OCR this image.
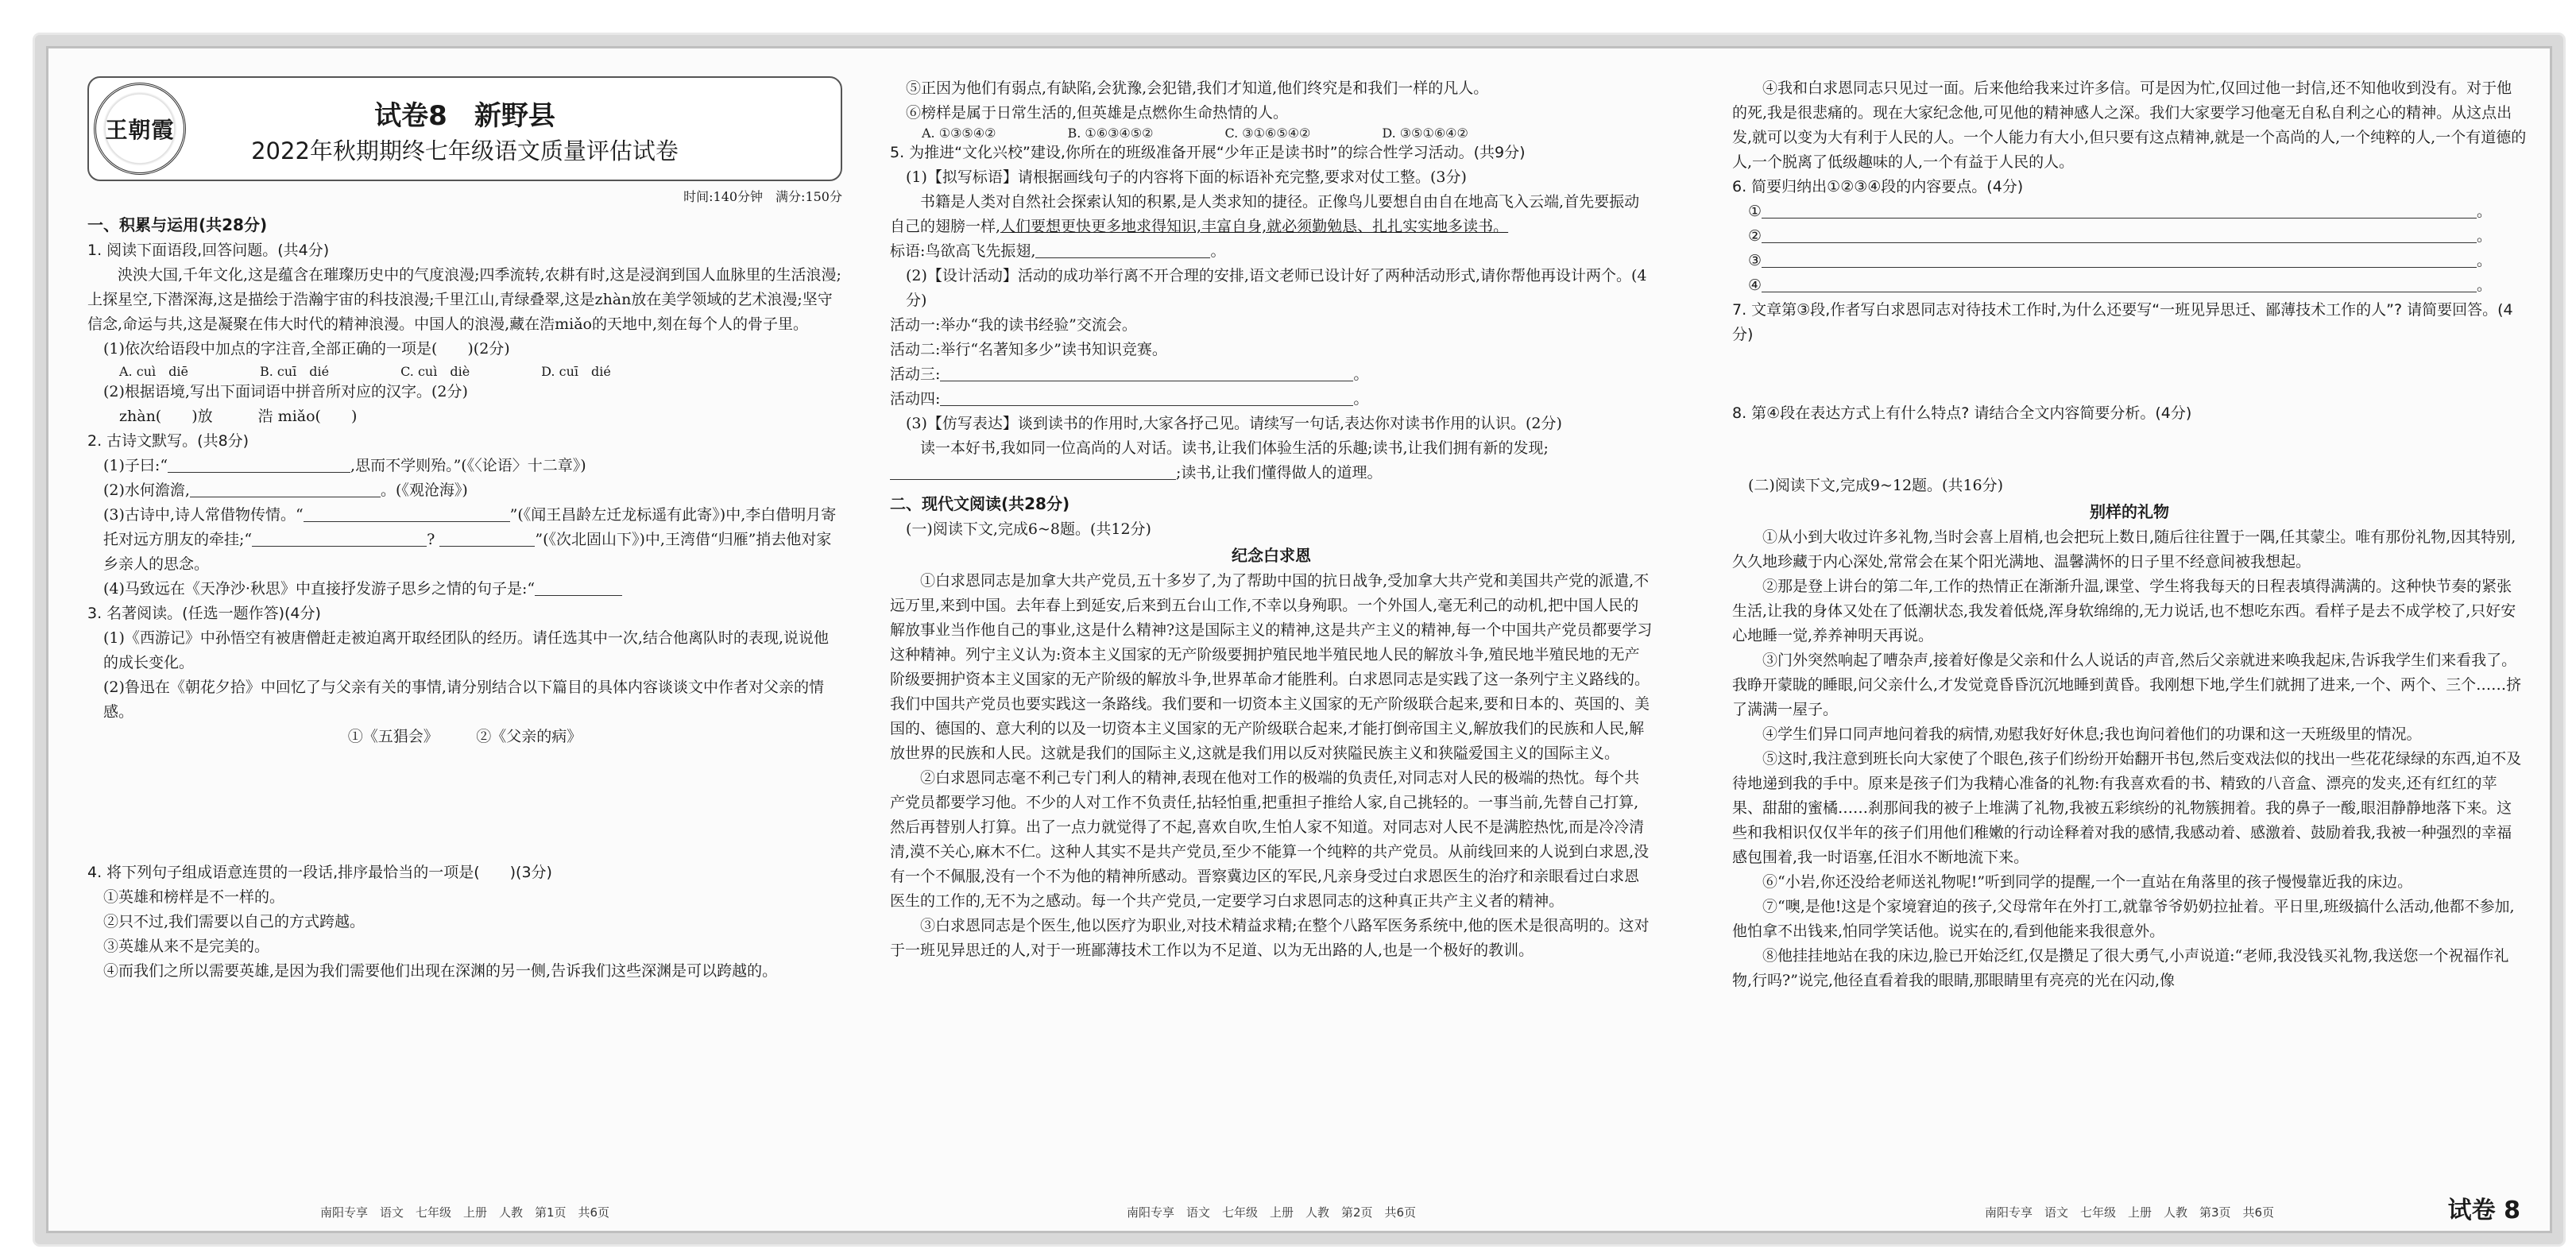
王朝霞	试卷8　新野县
2022年秋期期终七年级语文质量评估试卷
时间:140分钟　满分:150分
一、积累与运用(共28分)
1. 阅读下面语段,回答问题。(共4分)

泱泱大国,千年文化,这是蕴含在璀璨历史中的气度浪漫;四季流转,农耕有时,这是浸润到国人血脉里的生活浪漫;上探星空,下潜深海,这是描绘于浩瀚宇宙的科技浪漫;千里江山,青绿叠翠,这是zhàn放在美学领域的艺术浪漫;坚守信念,命运与共,这是凝聚在伟大时代的精神浪漫。中国人的浪漫,藏在浩miǎo的天地中,刻在每个人的骨子里。

(1)依次给语段中加点的字注音,全部正确的一项是(　　)(2分)

A. cuì　diē	B. cuī　dié	C. cuì　diè	D. cuī　dié

(2)根据语境,写出下面词语中拼音所对应的汉字。(2分)

zhàn(　　)放　　　浩 miǎo(　　)

2. 古诗文默写。(共8分)

(1)子曰:“	,思而不学则殆。”(《〈论语〉十二章》)

(2)水何澹澹,	。(《观沧海》)

(3)古诗中,诗人常借物传情。“	”(《闻王昌龄左迁龙标遥有此寄》)中,李白借明月寄托对远方朋友的牵挂;“	?	”(《次北固山下》)中,王湾借“归雁”捎去他对家乡亲人的思念。

(4)马致远在《天净沙·秋思》中直接抒发游子思乡之情的句子是:“

3. 名著阅读。(任选一题作答)(4分)

(1)《西游记》中孙悟空有被唐僧赶走被迫离开取经团队的经历。请任选其中一次,结合他离队时的表现,说说他的成长变化。

(2)鲁迅在《朝花夕拾》中回忆了与父亲有关的事情,请分别结合以下篇目的具体内容谈谈文中作者对父亲的情感。

①《五猖会》　　　②《父亲的病》

4. 将下列句子组成语意连贯的一段话,排序最恰当的一项是(　　)(3分)

①英雄和榜样是不一样的。

②只不过,我们需要以自己的方式跨越。

③英雄从来不是完美的。

④而我们之所以需要英雄,是因为我们需要他们出现在深渊的另一侧,告诉我们这些深渊是可以跨越的。

南阳专享　语文　七年级　上册　人教　第1页　共6页

⑤正因为他们有弱点,有缺陷,会犹豫,会犯错,我们才知道,他们终究是和我们一样的凡人。

⑥榜样是属于日常生活的,但英雄是点燃你生命热情的人。

A. ①③⑤④②	B. ①⑥③④⑤②	C. ③①⑥⑤④②	D. ③⑤①⑥④②
5. 为推进“文化兴校”建设,你所在的班级准备开展“少年正是读书时”的综合性学习活动。(共9分)

(1)【拟写标语】请根据画线句子的内容将下面的标语补充完整,要求对仗工整。(3分)

书籍是人类对自然社会探索认知的积累,是人类求知的捷径。正像鸟儿要想自由自在地高飞入云端,首先要振动自己的翅膀一样,人们要想更快更多地求得知识,丰富自身,就必须勤勉恳、扎扎实实地多读书。

标语:鸟欲高飞先振翅,	。

(2)【设计活动】活动的成功举行离不开合理的安排,语文老师已设计好了两种活动形式,请你帮他再设计两个。(4分)

活动一:举办“我的读书经验”交流会。

活动二:举行“名著知多少”读书知识竞赛。

活动三:	。

活动四:	。

(3)【仿写表达】谈到读书的作用时,大家各抒己见。请续写一句话,表达你对读书作用的认识。(2分)

读一本好书,我如同一位高尚的人对话。读书,让我们体验生活的乐趣;读书,让我们拥有新的发现;;读书,让我们懂得做人的道理。

二、现代文阅读(共28分)

(一)阅读下文,完成6~8题。(共12分)

纪念白求恩

①白求恩同志是加拿大共产党员,五十多岁了,为了帮助中国的抗日战争,受加拿大共产党和美国共产党的派遣,不远万里,来到中国。去年春上到延安,后来到五台山工作,不幸以身殉职。一个外国人,毫无利己的动机,把中国人民的解放事业当作他自己的事业,这是什么精神?这是国际主义的精神,这是共产主义的精神,每一个中国共产党员都要学习这种精神。列宁主义认为:资本主义国家的无产阶级要拥护殖民地半殖民地人民的解放斗争,殖民地半殖民地的无产阶级要拥护资本主义国家的无产阶级的解放斗争,世界革命才能胜利。白求恩同志是实践了这一条列宁主义路线的。我们中国共产党员也要实践这一条路线。我们要和一切资本主义国家的无产阶级联合起来,要和日本的、英国的、美国的、德国的、意大利的以及一切资本主义国家的无产阶级联合起来,才能打倒帝国主义,解放我们的民族和人民,解放世界的民族和人民。这就是我们的国际主义,这就是我们用以反对狭隘民族主义和狭隘爱国主义的国际主义。

②白求恩同志毫不利己专门利人的精神,表现在他对工作的极端的负责任,对同志对人民的极端的热忱。每个共产党员都要学习他。不少的人对工作不负责任,拈轻怕重,把重担子推给人家,自己挑轻的。一事当前,先替自己打算,然后再替别人打算。出了一点力就觉得了不起,喜欢自吹,生怕人家不知道。对同志对人民不是满腔热忱,而是冷冷清清,漠不关心,麻木不仁。这种人其实不是共产党员,至少不能算一个纯粹的共产党员。从前线回来的人说到白求恩,没有一个不佩服,没有一个不为他的精神所感动。晋察冀边区的军民,凡亲身受过白求恩医生的治疗和亲眼看过白求恩医生的工作的,无不为之感动。每一个共产党员,一定要学习白求恩同志的这种真正共产主义者的精神。

③白求恩同志是个医生,他以医疗为职业,对技术精益求精;在整个八路军医务系统中,他的医术是很高明的。这对于一班见异思迁的人,对于一班鄙薄技术工作以为不足道、以为无出路的人,也是一个极好的教训。

南阳专享　语文　七年级　上册　人教　第2页　共6页

④我和白求恩同志只见过一面。后来他给我来过许多信。可是因为忙,仅回过他一封信,还不知他收到没有。对于他的死,我是很悲痛的。现在大家纪念他,可见他的精神感人之深。我们大家要学习他毫无自私自利之心的精神。从这点出发,就可以变为大有利于人民的人。一个人能力有大小,但只要有这点精神,就是一个高尚的人,一个纯粹的人,一个有道德的人,一个脱离了低级趣味的人,一个有益于人民的人。

6. 简要归纳出①②③④段的内容要点。(4分)

①	。

②	。

③	。

④	。

7. 文章第③段,作者写白求恩同志对待技术工作时,为什么还要写“一班见异思迁、鄙薄技术工作的人”? 请简要回答。(4分)
8. 第④段在表达方式上有什么特点? 请结合全文内容简要分析。(4分)

(二)阅读下文,完成9~12题。(共16分)

别样的礼物

①从小到大收过许多礼物,当时会喜上眉梢,也会把玩上数日,随后往往置于一隅,任其蒙尘。唯有那份礼物,因其特别,久久地珍藏于内心深处,常常会在某个阳光满地、温馨满怀的日子里不经意间被我想起。

②那是登上讲台的第二年,工作的热情正在渐渐升温,课堂、学生将我每天的日程表填得满满的。这种快节奏的紧张生活,让我的身体又处在了低潮状态,我发着低烧,浑身软绵绵的,无力说话,也不想吃东西。看样子是去不成学校了,只好安心地睡一觉,养养神明天再说。

③门外突然响起了嘈杂声,接着好像是父亲和什么人说话的声音,然后父亲就进来唤我起床,告诉我学生们来看我了。我睁开蒙眬的睡眼,问父亲什么,才发觉竟昏昏沉沉地睡到黄昏。我刚想下地,学生们就拥了进来,一个、两个、三个……挤了满满一屋子。

④学生们异口同声地问着我的病情,劝慰我好好休息;我也询问着他们的功课和这一天班级里的情况。

⑤这时,我注意到班长向大家使了个眼色,孩子们纷纷开始翻开书包,然后变戏法似的找出一些花花绿绿的东西,迫不及待地递到我的手中。原来是孩子们为我精心准备的礼物:有我喜欢看的书、精致的八音盒、漂亮的发夹,还有红红的苹果、甜甜的蜜橘……刹那间我的被子上堆满了礼物,我被五彩缤纷的礼物簇拥着。我的鼻子一酸,眼泪静静地落下来。这些和我相识仅仅半年的孩子们用他们稚嫩的行动诠释着对我的感情,我感动着、感激着、鼓励着我,我被一种强烈的幸福感包围着,我一时语塞,任泪水不断地流下来。

⑥“小岩,你还没给老师送礼物呢!”听到同学的提醒,一个一直站在角落里的孩子慢慢靠近我的床边。

⑦“噢,是他!这是个家境窘迫的孩子,父母常年在外打工,就靠爷爷奶奶拉扯着。平日里,班级搞什么活动,他都不参加,他怕拿不出钱来,怕同学笑话他。说实在的,看到他能来我很意外。

⑧他挂挂地站在我的床边,脸已开始泛红,仅是攒足了很大勇气,小声说道:“老师,我没钱买礼物,我送您一个祝福作礼物,行吗?”说完,他径直看着我的眼睛,那眼睛里有亮亮的光在闪动,像

南阳专享　语文　七年级　上册　人教　第3页　共6页	试卷 8
